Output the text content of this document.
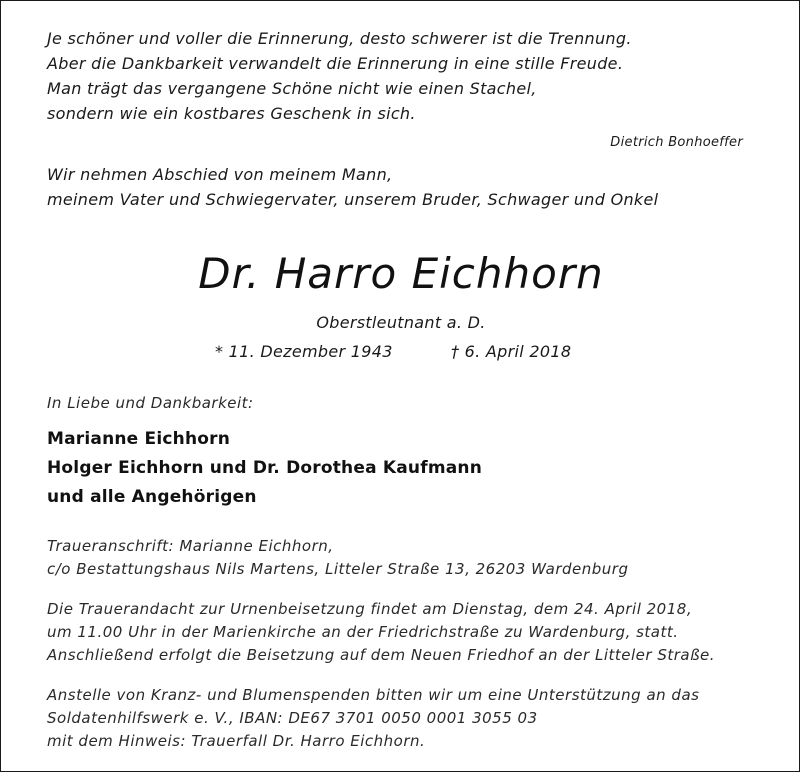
Je schöner und voller die Erinnerung, desto schwerer ist die Trennung.
Aber die Dankbarkeit verwandelt die Erinnerung in eine stille Freude.
Man trägt das vergangene Schöne nicht wie einen Stachel,
sondern wie ein kostbares Geschenk in sich.
Dietrich Bonhoeffer
Wir nehmen Abschied von meinem Mann,
meinem Vater und Schwiegervater, unserem Bruder, Schwager und Onkel
Dr. Harro Eichhorn
Oberstleutnant a. D.
* 11. Dezember 1943	† 6. April 2018
In Liebe und Dankbarkeit:
Marianne Eichhorn
Holger Eichhorn und Dr. Dorothea Kaufmann
und alle Angehörigen
Traueranschrift: Marianne Eichhorn,
c/o Bestattungshaus Nils Martens, Litteler Straße 13, 26203 Wardenburg
Die Trauerandacht zur Urnenbeisetzung findet am Dienstag, dem 24. April 2018,
um 11.00 Uhr in der Marienkirche an der Friedrichstraße zu Wardenburg, statt.
Anschließend erfolgt die Beisetzung auf dem Neuen Friedhof an der Litteler Straße.
Anstelle von Kranz- und Blumenspenden bitten wir um eine Unterstützung an das
Soldatenhilfswerk e. V., IBAN: DE67 3701 0050 0001 3055 03
mit dem Hinweis: Trauerfall Dr. Harro Eichhorn.
